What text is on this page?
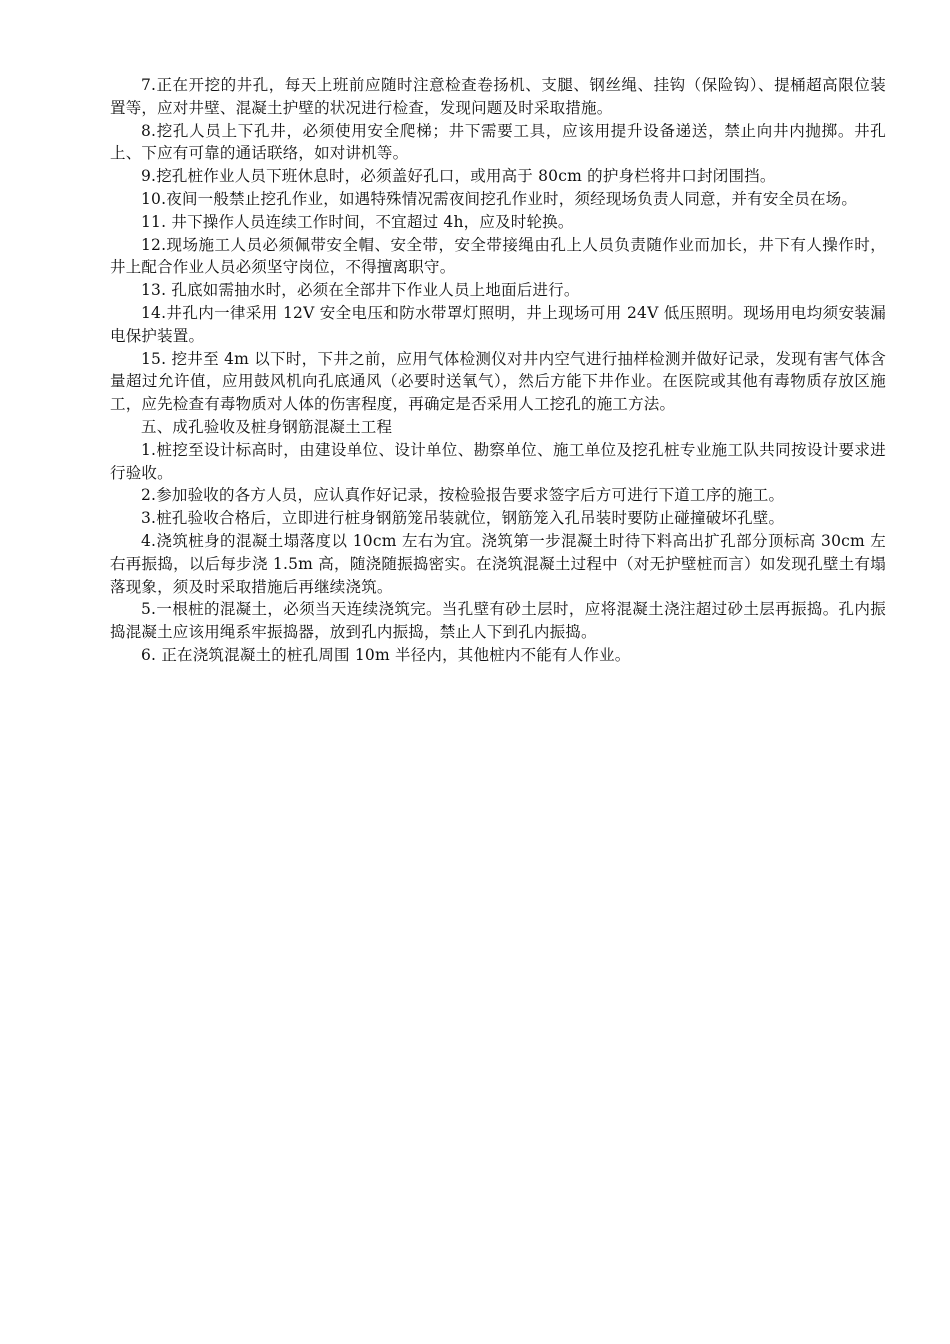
7.正在开挖的井孔，每天上班前应随时注意检查卷扬机、支腿、钢丝绳、挂钩（保险钩）、提桶超高限位装置等，应对井壁、混凝土护壁的状况进行检查，发现问题及时采取措施。

8.挖孔人员上下孔井，必须使用安全爬梯；井下需要工具，应该用提升设备递送，禁止向井内抛掷。井孔上、下应有可靠的通话联络，如对讲机等。

9.挖孔桩作业人员下班休息时，必须盖好孔口，或用高于 80cm 的护身栏将井口封闭围挡。

10.夜间一般禁止挖孔作业，如遇特殊情况需夜间挖孔作业时，须经现场负责人同意，并有安全员在场。

11. 井下操作人员连续工作时间，不宜超过 4h，应及时轮换。

12.现场施工人员必须佩带安全帽、安全带，安全带接绳由孔上人员负责随作业而加长，井下有人操作时，井上配合作业人员必须坚守岗位，不得擅离职守。

13. 孔底如需抽水时，必须在全部井下作业人员上地面后进行。

14.井孔内一律采用 12V 安全电压和防水带罩灯照明，井上现场可用 24V 低压照明。现场用电均须安装漏电保护装置。

15. 挖井至 4m 以下时，下井之前，应用气体检测仪对井内空气进行抽样检测并做好记录，发现有害气体含量超过允许值，应用鼓风机向孔底通风（必要时送氧气），然后方能下井作业。在医院或其他有毒物质存放区施工，应先检查有毒物质对人体的伤害程度，再确定是否采用人工挖孔的施工方法。

五、成孔验收及桩身钢筋混凝土工程

1.桩挖至设计标高时，由建设单位、设计单位、勘察单位、施工单位及挖孔桩专业施工队共同按设计要求进行验收。

2.参加验收的各方人员，应认真作好记录，按检验报告要求签字后方可进行下道工序的施工。

3.桩孔验收合格后，立即进行桩身钢筋笼吊装就位，钢筋笼入孔吊装时要防止碰撞破坏孔壁。

4.浇筑桩身的混凝土塌落度以 10cm 左右为宜。浇筑第一步混凝土时待下料高出扩孔部分顶标高 30cm 左右再振捣，以后每步浇 1.5m 高，随浇随振捣密实。在浇筑混凝土过程中（对无护壁桩而言）如发现孔壁土有塌落现象，须及时采取措施后再继续浇筑。

5.一根桩的混凝土，必须当天连续浇筑完。当孔壁有砂土层时，应将混凝土浇注超过砂土层再振捣。孔内振捣混凝土应该用绳系牢振捣器，放到孔内振捣，禁止人下到孔内振捣。

6. 正在浇筑混凝土的桩孔周围 10m 半径内，其他桩内不能有人作业。
